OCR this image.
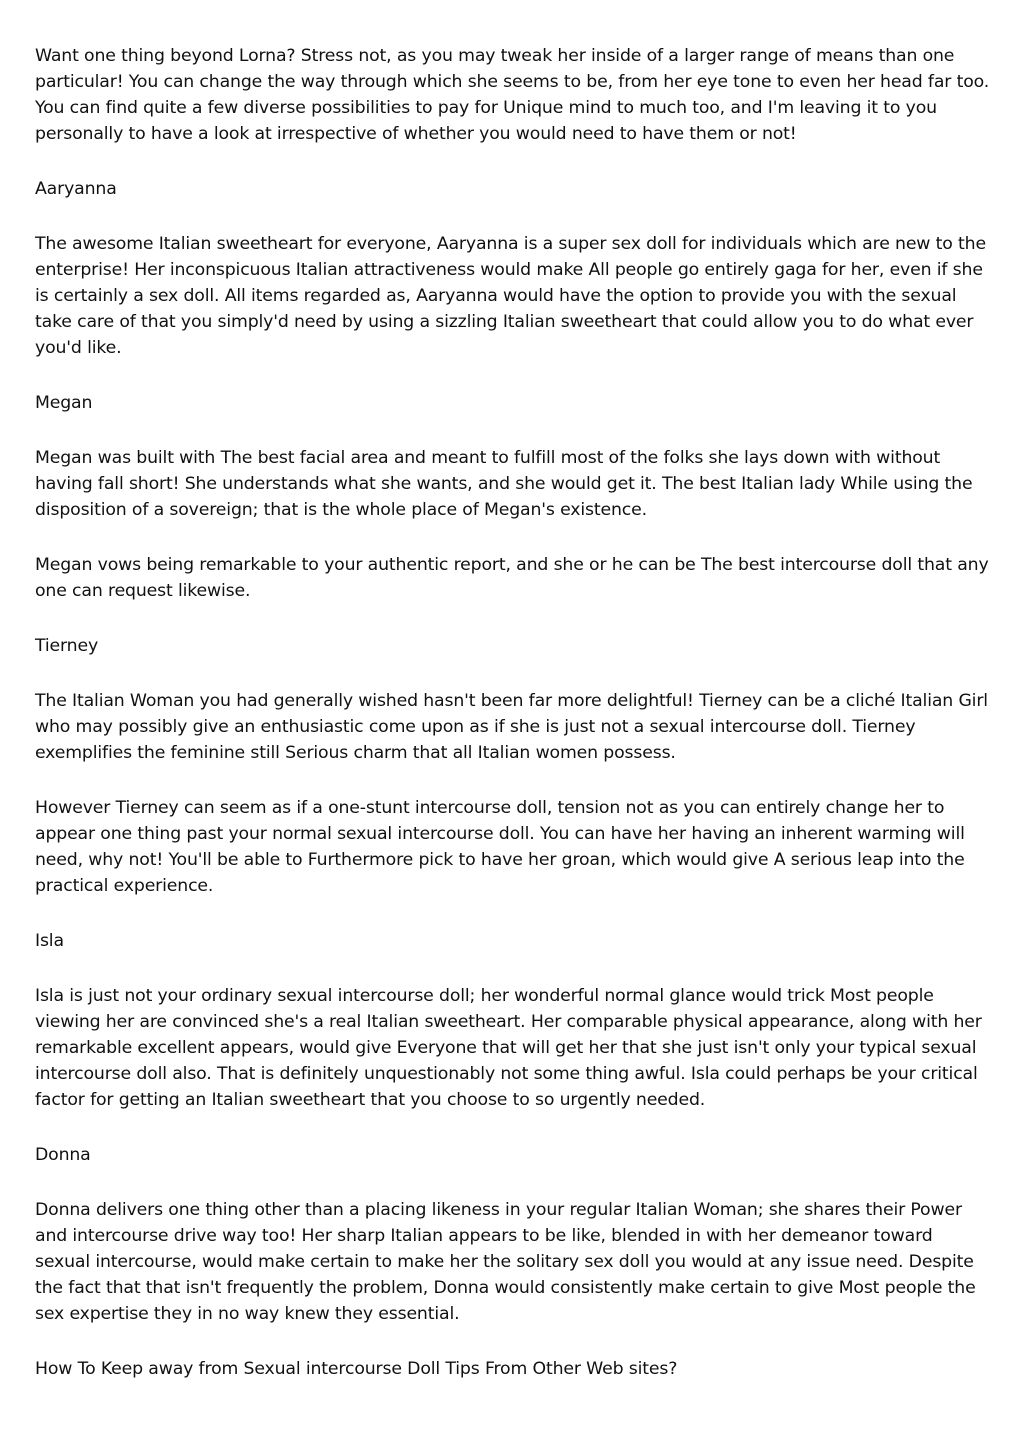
Want one thing beyond Lorna? Stress not, as you may tweak her inside of a larger range of means than one particular! You can change the way through which she seems to be, from her eye tone to even her head far too. You can find quite a few diverse possibilities to pay for Unique mind to much too, and I'm leaving it to you personally to have a look at irrespective of whether you would need to have them or not!

Aaryanna

The awesome Italian sweetheart for everyone, Aaryanna is a super sex doll for individuals which are new to the enterprise! Her inconspicuous Italian attractiveness would make All people go entirely gaga for her, even if she is certainly a sex doll. All items regarded as, Aaryanna would have the option to provide you with the sexual take care of that you simply'd need by using a sizzling Italian sweetheart that could allow you to do what ever you'd like.

Megan

Megan was built with The best facial area and meant to fulfill most of the folks she lays down with without having fall short! She understands what she wants, and she would get it. The best Italian lady While using the disposition of a sovereign; that is the whole place of Megan's existence.

Megan vows being remarkable to your authentic report, and she or he can be The best intercourse doll that any one can request likewise.

Tierney

The Italian Woman you had generally wished hasn't been far more delightful! Tierney can be a cliché Italian Girl who may possibly give an enthusiastic come upon as if she is just not a sexual intercourse doll. Tierney exemplifies the feminine still Serious charm that all Italian women possess.

However Tierney can seem as if a one-stunt intercourse doll, tension not as you can entirely change her to appear one thing past your normal sexual intercourse doll. You can have her having an inherent warming will need, why not! You'll be able to Furthermore pick to have her groan, which would give A serious leap into the practical experience.

Isla

Isla is just not your ordinary sexual intercourse doll; her wonderful normal glance would trick Most people viewing her are convinced she's a real Italian sweetheart. Her comparable physical appearance, along with her remarkable excellent appears, would give Everyone that will get her that she just isn't only your typical sexual intercourse doll also. That is definitely unquestionably not some thing awful. Isla could perhaps be your critical factor for getting an Italian sweetheart that you choose to so urgently needed.

Donna

Donna delivers one thing other than a placing likeness in your regular Italian Woman; she shares their Power and intercourse drive way too! Her sharp Italian appears to be like, blended in with her demeanor toward sexual intercourse, would make certain to make her the solitary sex doll you would at any issue need. Despite the fact that that isn't frequently the problem, Donna would consistently make certain to give Most people the sex expertise they in no way knew they essential.

How To Keep away from Sexual intercourse Doll Tips From Other Web sites?
